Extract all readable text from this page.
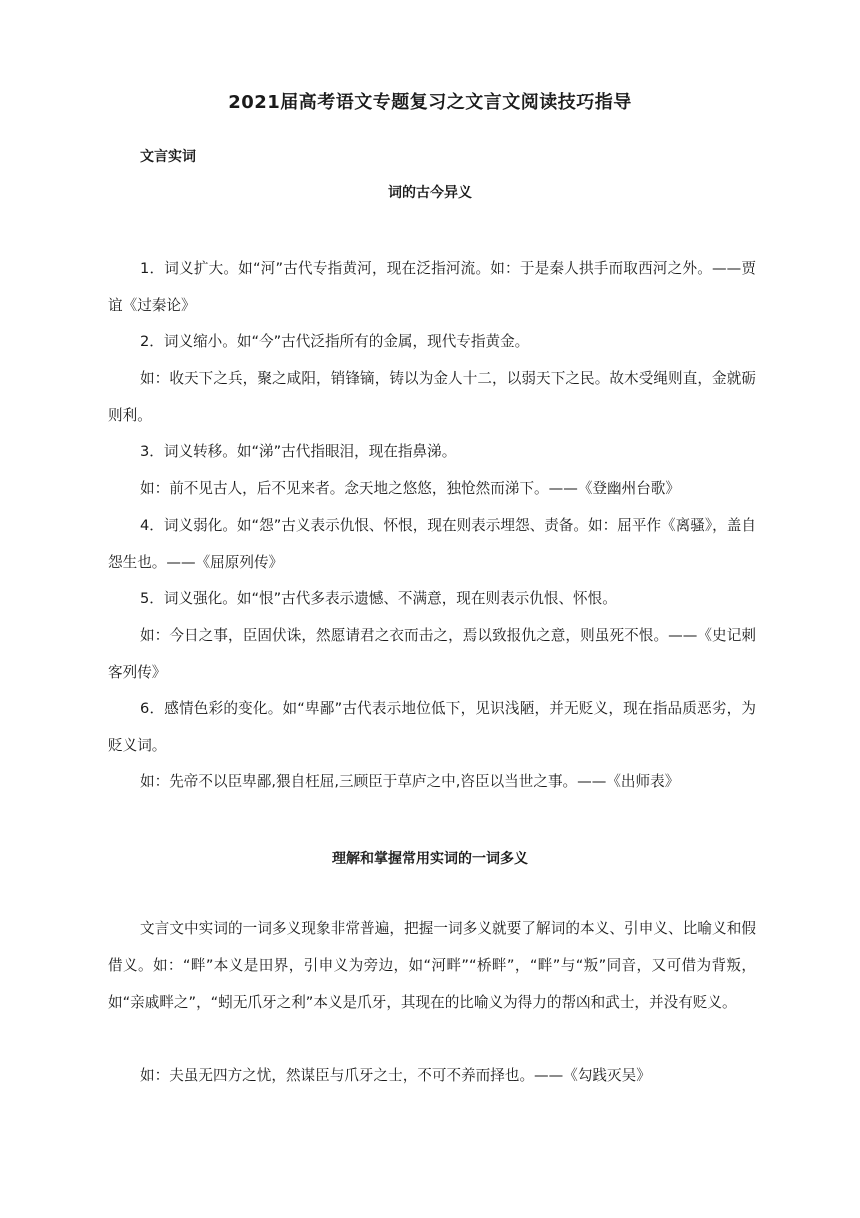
2021届高考语文专题复习之文言文阅读技巧指导
文言实词
词的古今异义

1．词义扩大。如“河”古代专指黄河，现在泛指河流。如：于是秦人拱手而取西河之外。——贾谊《过秦论》

2．词义缩小。如“今”古代泛指所有的金属，现代专指黄金。

如：收天下之兵，聚之咸阳，销锋镝，铸以为金人十二，以弱天下之民。故木受绳则直，金就砺则利。

3．词义转移。如“涕”古代指眼泪，现在指鼻涕。

如：前不见古人，后不见来者。念天地之悠悠，独怆然而涕下。——《登幽州台歌》

4．词义弱化。如“怨”古义表示仇恨、怀恨，现在则表示埋怨、责备。如：屈平作《离骚》，盖自怨生也。——《屈原列传》

5．词义强化。如“恨”古代多表示遗憾、不满意，现在则表示仇恨、怀恨。

如：今日之事，臣固伏诛，然愿请君之衣而击之，焉以致报仇之意，则虽死不恨。——《史记刺客列传》

6．感情色彩的变化。如“卑鄙”古代表示地位低下，见识浅陋，并无贬义，现在指品质恶劣，为贬义词。

如：先帝不以臣卑鄙,猥自枉屈,三顾臣于草庐之中,咨臣以当世之事。——《出师表》

理解和掌握常用实词的一词多义

文言文中实词的一词多义现象非常普遍，把握一词多义就要了解词的本义、引申义、比喻义和假借义。如：“畔”本义是田界，引申义为旁边，如“河畔”“桥畔”，“畔”与“叛”同音，又可借为背叛，如“亲戚畔之”，“蚓无爪牙之利”本义是爪牙，其现在的比喻义为得力的帮凶和武士，并没有贬义。

如：夫虽无四方之忧，然谋臣与爪牙之士，不可不养而择也。——《勾践灭吴》
